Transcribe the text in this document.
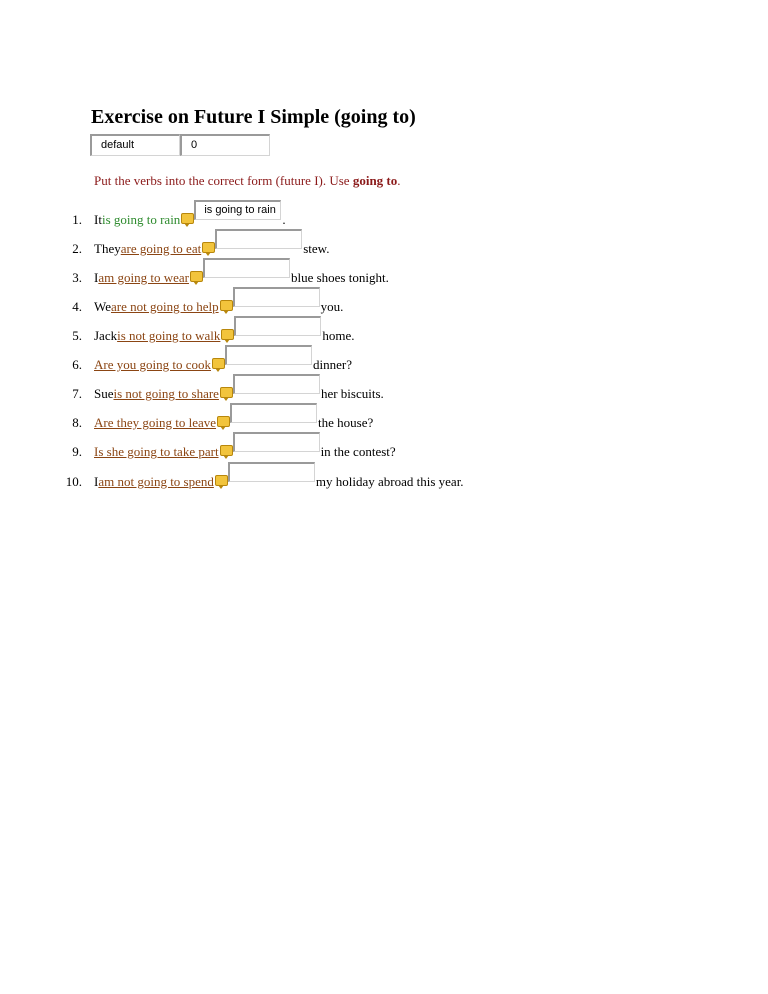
Exercise on Future I Simple (going to)
default	0
Put the verbs into the correct form (future I). Use going to.
1. It is going to rain
is going to rain
.
2. They are going to eat	stew.
3. I am going to wear	blue shoes tonight.
4. We are not going to help	you.
5. Jack is not going to walk	home.
6. Are you going to cook	dinner?
7. Sue is not going to share	her biscuits.
8. Are they going to leave	the house?
9. Is she going to take part	in the contest?
10. I am not going to spend	my holiday abroad this year.
